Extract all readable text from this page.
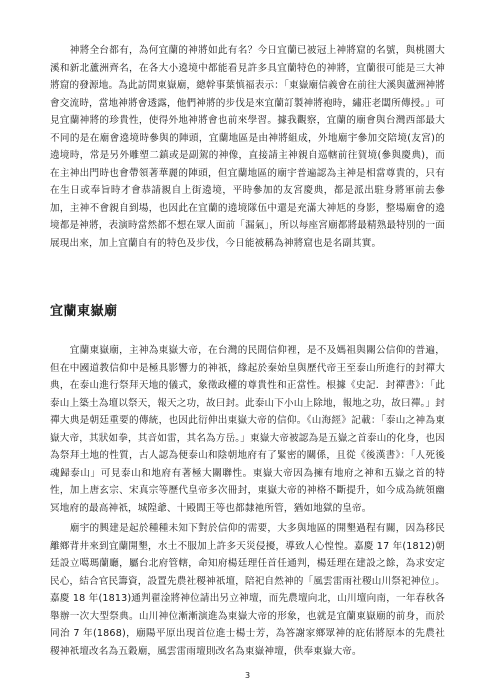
　　神將全台都有，為何宜蘭的神將如此有名？今日宜蘭已被冠上神將窟的名號，與桃園大溪和新北蘆洲齊名，在各大小遶境中都能看見許多具宜蘭特色的神將，宜蘭很可能是三大神將窟的發源地。為此訪問東嶽廟，總幹事葉慎福表示：「東嶽廟信義會在前往大溪與蘆洲神將會交流時，當地神將會透露，他們神將的步伐是來宜蘭訂製神將袍時，繡莊老闆所傳授。」可見宜蘭神將的珍貴性，使得外地神將會也前來學習。據我觀察，宜蘭的廟會與台灣西部最大不同的是在廟會遶境時參與的陣頭，宜蘭地區是由神將組成，外地廟宇參加交陪境(友宮)的遶境時，常是另外雕塑二鎮或是副駕的神像，直接請主神親自巡轄前往賀境(參與慶典)，而在主神出門時也會帶領著華麗的陣頭，但宜蘭地區的廟宇普遍認為主神是相當尊貴的，只有在生日或奉旨時才會恭請親自上街遶境，平時參加的友宮慶典，都是派出駐身將軍前去參加，主神不會親自到場，也因此在宜蘭的遶境隊伍中還是充滿大神尪的身影，整場廟會的遶境都是神將，表演時當然都不想在眾人面前「漏氣」，所以每座宮廟都將最精熟最特別的一面展現出來，加上宜蘭自有的特色及步伐，今日能被稱為神將窟也是名副其實。

宜蘭東嶽廟

　　宜蘭東嶽廟，主神為東嶽大帝，在台灣的民間信仰裡，是不及媽祖與關公信仰的普遍，但在中國道教信仰中是極具影響力的神祇，緣起於秦始皇與歷代帝王至泰山所進行的封禪大典，在泰山進行祭拜天地的儀式，象徵政權的尊貴性和正當性。根據《史記．封禪書》：「此泰山上築土為壇以祭天，報天之功，故曰封。此泰山下小山上除地，報地之功，故曰禪。」封禪大典是朝廷重要的傳統，也因此衍伸出東嶽大帝的信仰。《山海經》記載：「泰山之神為東嶽大帝，其狀如拳，其音如雷，其名為方岳。」東嶽大帝被認為是五嶽之首泰山的化身，也因為祭拜土地的性質，古人認為便泰山和陰朝地府有了緊密的關係，且從《後漢書》：「人死後魂歸泰山」可見泰山和地府有著極大關聯性。東嶽大帝因為擁有地府之神和五嶽之首的特性，加上唐玄宗、宋真宗等歷代皇帝多次冊封，東嶽大帝的神格不斷提升，如今成為統領幽冥地府的最高神祇，城隍爺、十殿閻王等也都隸祂所管，猶如地獄的皇帝。

　　廟宇的興建是起於種種未知下對於信仰的需要，大多與地區的開墾過程有關，因為移民離鄉背井來到宜蘭開墾，水土不服加上許多天災侵擾，導致人心惶惶。嘉慶 17 年(1812)朝廷設立噶瑪蘭廳，屬台北府管轄，命知府楊廷理任首任通判，楊廷理在建設之餘，為求安定民心，結合官民籌資，設置先農社稷神祇壇，陪祀自然神的「風雲雷雨社稷山川祭祀神位」。嘉慶 18 年(1813)通判翟淦將神位請出另立神壇，而先農壇向北，山川壇向南，一年春秋各舉辦一次大型祭典。山川神位漸漸演進為東嶽大帝的形象，也就是宜蘭東嶽廟的前身，而於同治 7 年(1868)，廟陽平原出現首位進士楊士芳，為答謝家鄉眾神的庇佑將原本的先農社稷神祇壇改名為五穀廟，風雲雷雨壇則改名為東嶽神壇，供奉東嶽大帝。

3
